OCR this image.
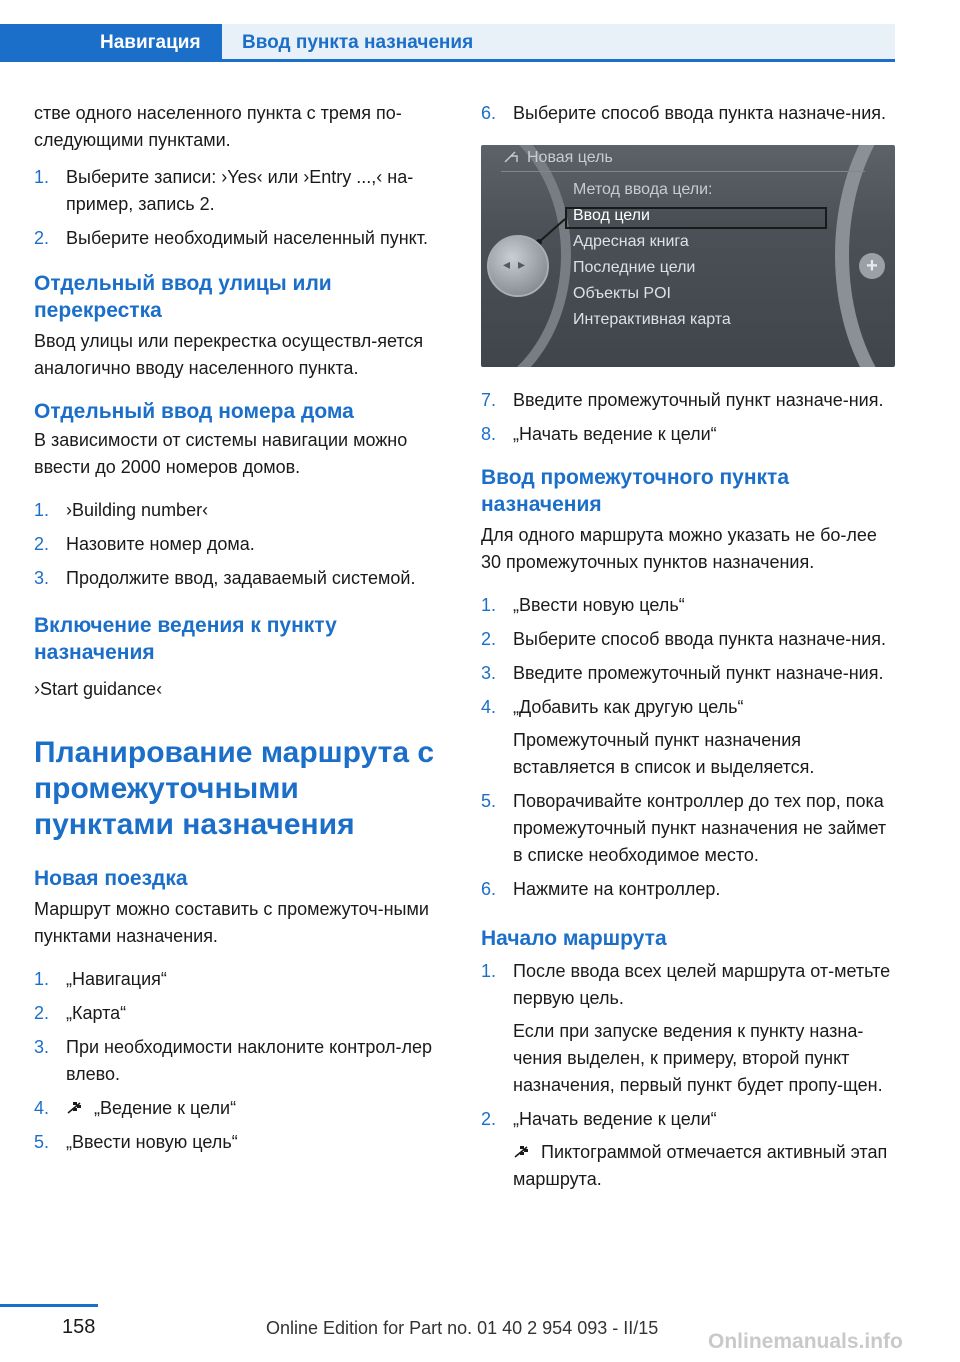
Навигация	Ввод пункта назначения

стве одного населенного пункта с тремя по-следующими пунктами.

1. Выберите записи: ›Yes‹ или ›Entry ...,‹ на-пример, запись 2.
2. Выберите необходимый населенный пункт.
Отдельный ввод улицы или перекрестка

Ввод улицы или перекрестка осуществл-яется аналогично вводу населенного пункта.

Отдельный ввод номера дома

В зависимости от системы навигации можно ввести до 2000 номеров домов.

1. ›Building number‹
2. Назовите номер дома.
3. Продолжите ввод, задаваемый системой.
Включение ведения к пункту назначения

›Start guidance‹

Планирование маршрута с промежуточными пунктами назначения
Новая поездка

Маршрут можно составить с промежуточ-ными пунктами назначения.

1. „Навигация“
2. „Карта“
3. При необходимости наклоните контрол-лер влево.
4. „Ведение к цели“
5. „Ввести новую цель“
6. Выберите способ ввода пункта назначе-ния.
Новая цель
Метод ввода цели:
Ввод цели
Адресная книга
Последние цели
Объекты POI
Интерактивная карта
◂▸	+
7. Введите промежуточный пункт назначе-ния.
8. „Начать ведение к цели“
Ввод промежуточного пункта назначения

Для одного маршрута можно указать не бо-лее 30 промежуточных пунктов назначения.

1. „Ввести новую цель“
2. Выберите способ ввода пункта назначе-ния.
3. Введите промежуточный пункт назначе-ния.
4. „Добавить как другую цель“
Промежуточный пункт назначения вставляется в список и выделяется.
5. Поворачивайте контроллер до тех пор, пока промежуточный пункт назначения не займет в списке необходимое место.
6. Нажмите на контроллер.
Начало маршрута
1. После ввода всех целей маршрута от-метьте первую цель.
Если при запуске ведения к пункту назна-чения выделен, к примеру, второй пункт назначения, первый пункт будет пропу-щен.
2. „Начать ведение к цели“
Пиктограммой отмечается активный этап маршрута.
158	Online Edition for Part no. 01 40 2 954 093 - II/15
Onlinemanuals.info
